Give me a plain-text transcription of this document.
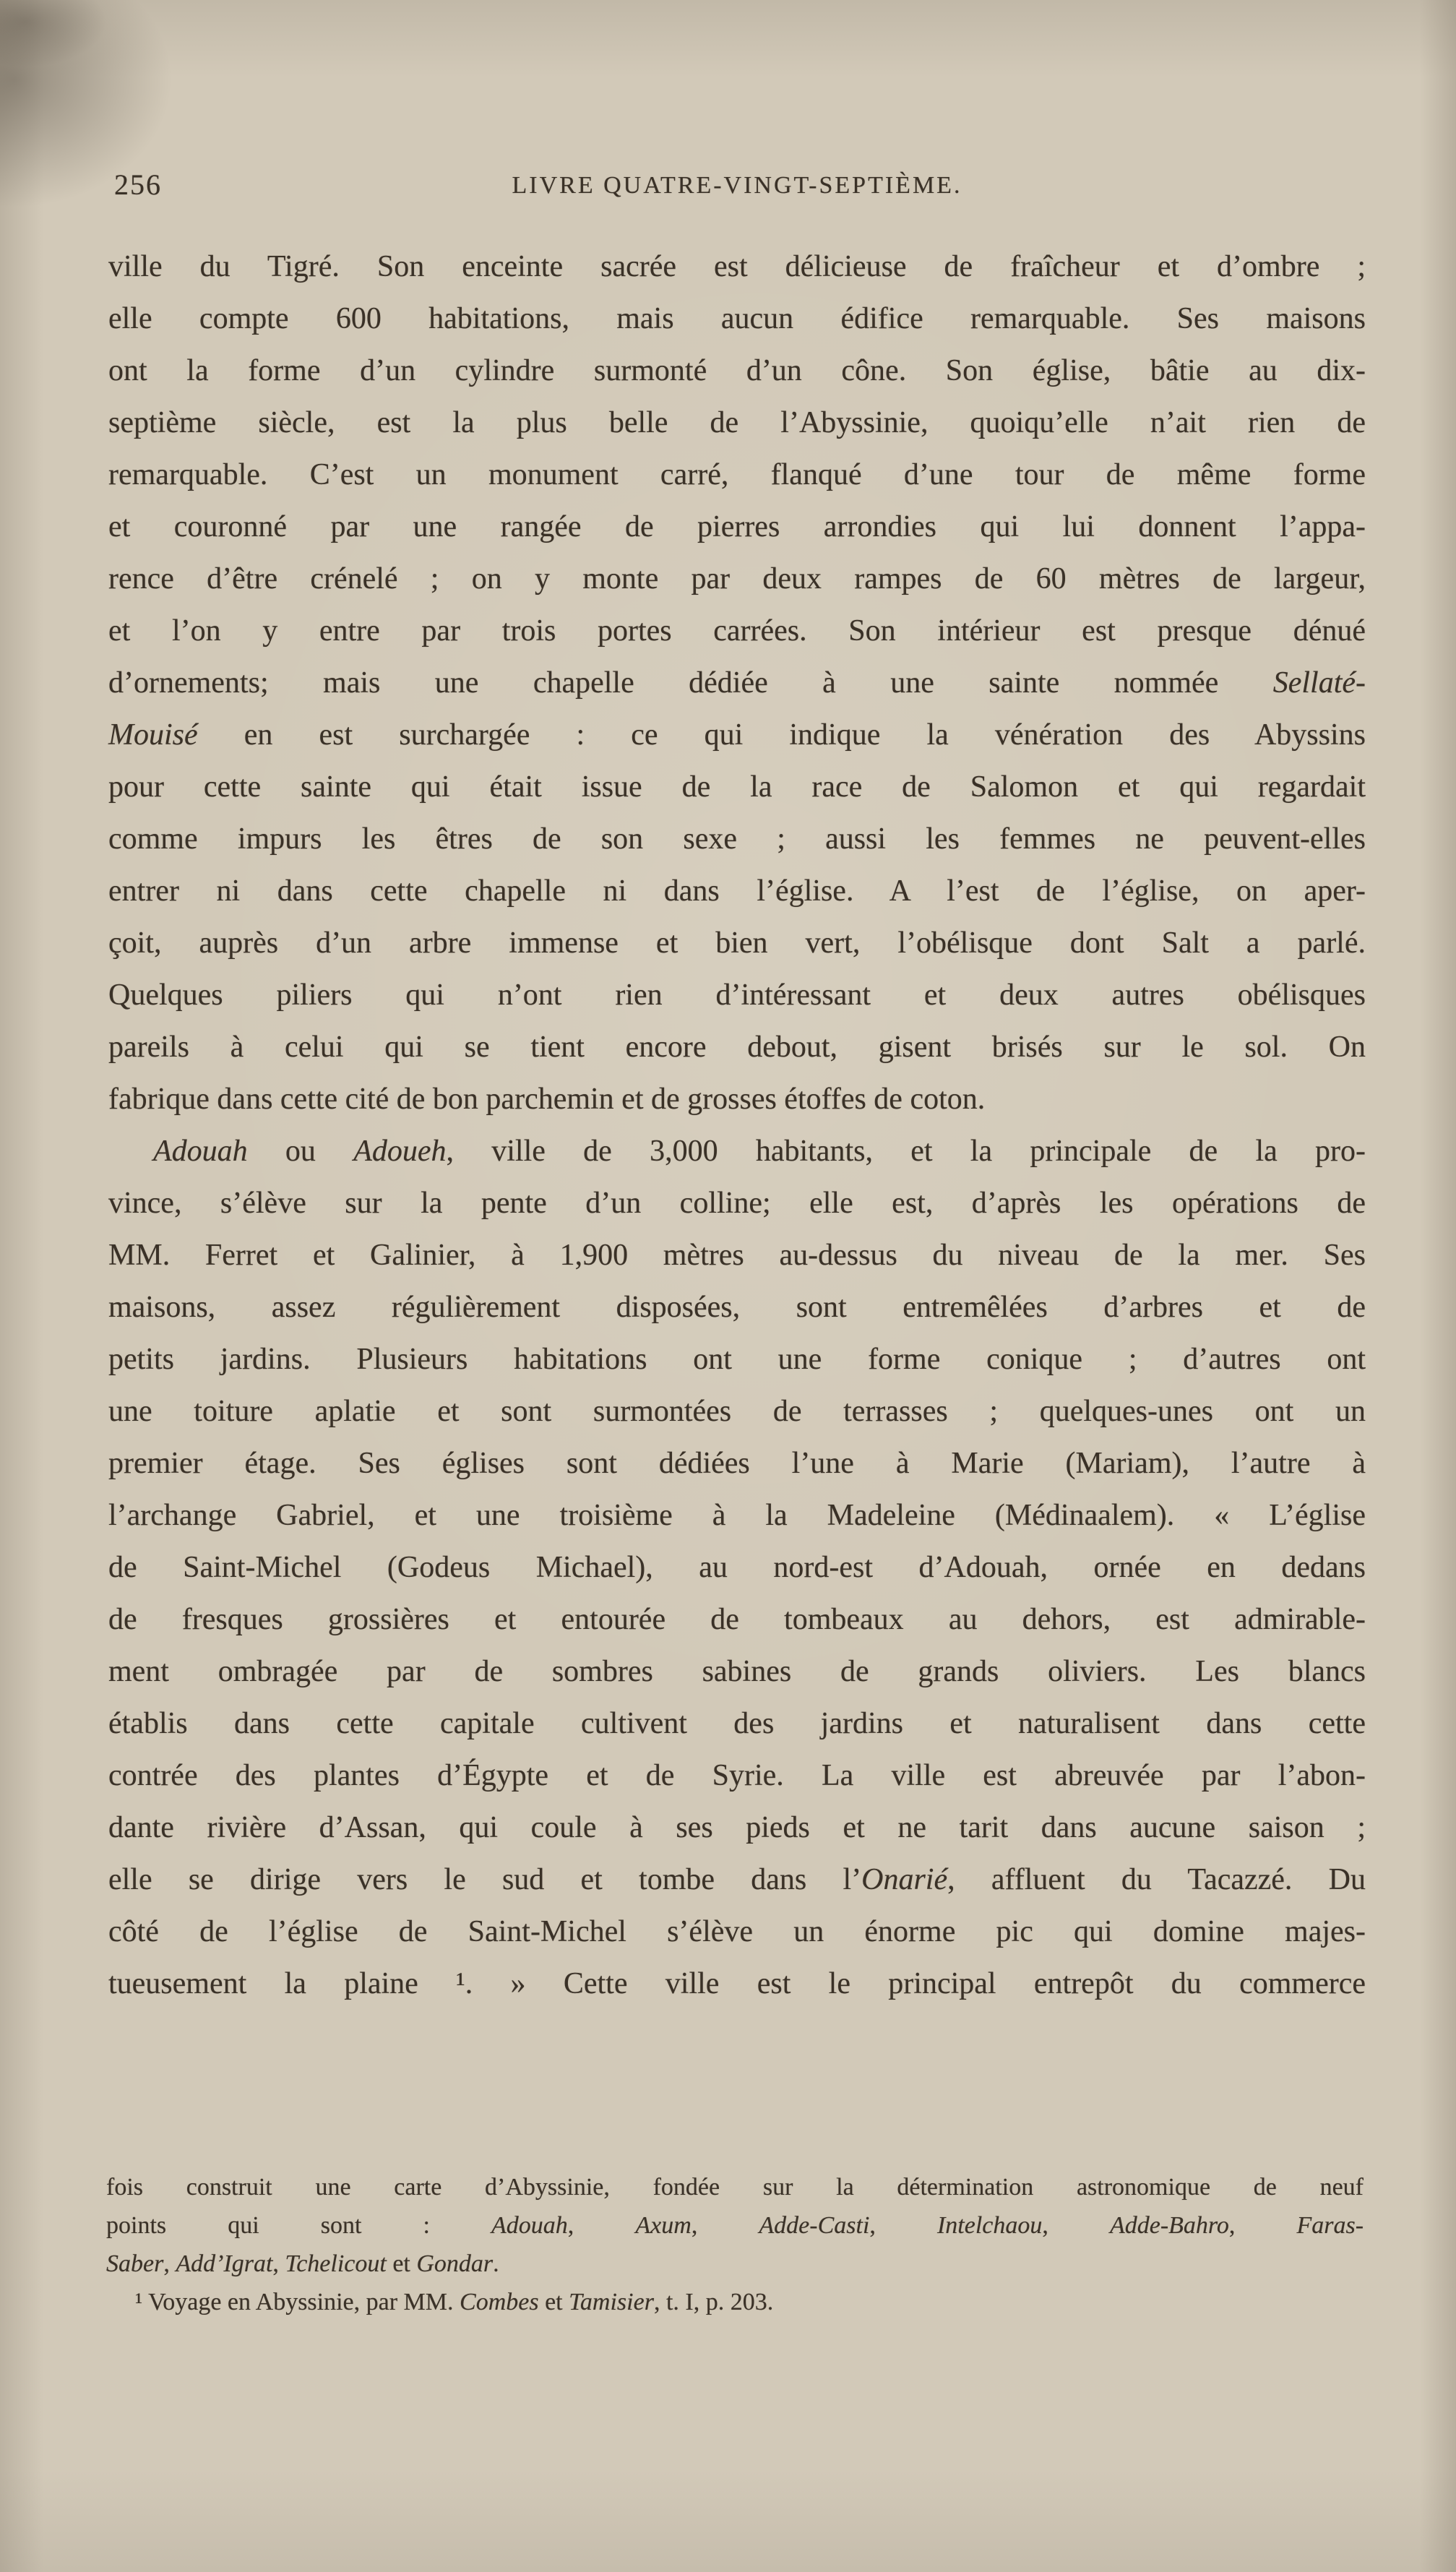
256	LIVRE QUATRE-VINGT-SEPTIÈME.
ville du Tigré. Son enceinte sacrée est délicieuse de fraîcheur et d’ombre ;
elle compte 600 habitations, mais aucun édifice remarquable. Ses maisons
ont la forme d’un cylindre surmonté d’un cône. Son église, bâtie au dix-
septième siècle, est la plus belle de l’Abyssinie, quoiqu’elle n’ait rien de
remarquable. C’est un monument carré, flanqué d’une tour de même forme
et couronné par une rangée de pierres arrondies qui lui donnent l’appa-
rence d’être crénelé ; on y monte par deux rampes de 60 mètres de largeur,
et l’on y entre par trois portes carrées. Son intérieur est presque dénué
d’ornements; mais une chapelle dédiée à une sainte nommée Sellaté-
Mouisé en est surchargée : ce qui indique la vénération des Abyssins
pour cette sainte qui était issue de la race de Salomon et qui regardait
comme impurs les êtres de son sexe ; aussi les femmes ne peuvent-elles
entrer ni dans cette chapelle ni dans l’église. A l’est de l’église, on aper-
çoit, auprès d’un arbre immense et bien vert, l’obélisque dont Salt a parlé.
Quelques piliers qui n’ont rien d’intéressant et deux autres obélisques
pareils à celui qui se tient encore debout, gisent brisés sur le sol. On
fabrique dans cette cité de bon parchemin et de grosses étoffes de coton.
Adouah ou Adoueh, ville de 3,000 habitants, et la principale de la pro-
vince, s’élève sur la pente d’un colline; elle est, d’après les opérations de
MM. Ferret et Galinier, à 1,900 mètres au-dessus du niveau de la mer. Ses
maisons, assez régulièrement disposées, sont entremêlées d’arbres et de
petits jardins. Plusieurs habitations ont une forme conique ; d’autres ont
une toiture aplatie et sont surmontées de terrasses ; quelques-unes ont un
premier étage. Ses églises sont dédiées l’une à Marie (Mariam), l’autre à
l’archange Gabriel, et une troisième à la Madeleine (Médinaalem). « L’église
de Saint-Michel (Godeus Michael), au nord-est d’Adouah, ornée en dedans
de fresques grossières et entourée de tombeaux au dehors, est admirable-
ment ombragée par de sombres sabines de grands oliviers. Les blancs
établis dans cette capitale cultivent des jardins et naturalisent dans cette
contrée des plantes d’Égypte et de Syrie. La ville est abreuvée par l’abon-
dante rivière d’Assan, qui coule à ses pieds et ne tarit dans aucune saison ;
elle se dirige vers le sud et tombe dans l’Onarié, affluent du Tacazzé. Du
côté de l’église de Saint-Michel s’élève un énorme pic qui domine majes-
tueusement la plaine ¹. » Cette ville est le principal entrepôt du commerce
fois construit une carte d’Abyssinie, fondée sur la détermination astronomique de neuf
points qui sont : Adouah, Axum, Adde-Casti, Intelchaou, Adde-Bahro, Faras-
Saber, Add’Igrat, Tchelicout et Gondar.
¹ Voyage en Abyssinie, par MM. Combes et Tamisier, t. I, p. 203.
